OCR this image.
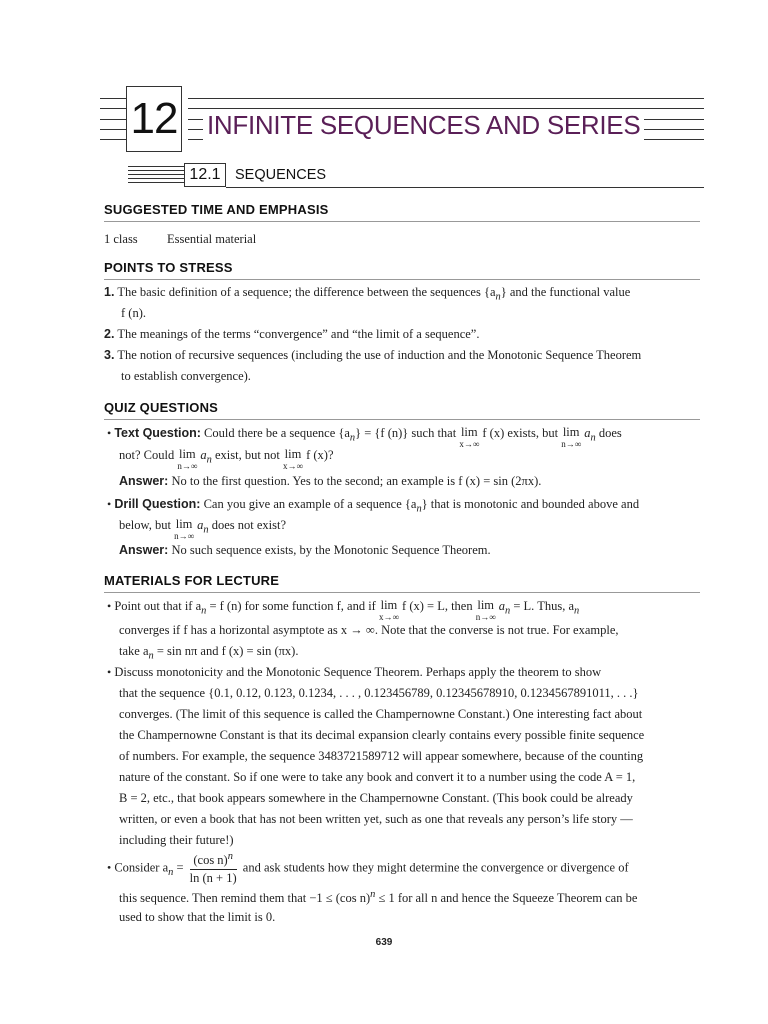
12 INFINITE SEQUENCES AND SERIES
12.1 SEQUENCES
SUGGESTED TIME AND EMPHASIS
1 class Essential material
POINTS TO STRESS
1. The basic definition of a sequence; the difference between the sequences $\{a_n\}$ and the functional value
f (n).
2. The meanings of the terms “convergence” and “the limit of a sequence”.
3. The notion of recursive sequences (including the use of induction and the Monotonic Sequence Theorem
to establish convergence).
QUIZ QUESTIONS
• Text Question: Could there be a sequence $\{a_n\} = \{f$ (n)} such that lim
x→∞
f (x) exists, but lim
n→∞
$a_n$ does
not? Could lim
n→∞
$a_n$ exist, but not lim
x→∞
f (x)?
Answer: No to the first question. Yes to the second; an example is f (x) = sin (2πx).
• Drill Question: Can you give an example of a sequence $\{a_n\}$ that is monotonic and bounded above and
below, but lim
n→∞
$a_n$ does not exist?
Answer: No such sequence exists, by the Monotonic Sequence Theorem.
MATERIALS FOR LECTURE
• Point out that if $a_n = f$ (n) for some function f, and if lim
x→∞
f (x) = L, then lim
n→∞
$a_n = L$. Thus, $a_n$
converges if f has a horizontal asymptote as x → ∞. Note that the converse is not true. For example,
take $a_n = \sin n\pi$ and f (x) = sin (πx).
• Discuss monotonicity and the Monotonic Sequence Theorem. Perhaps apply the theorem to show
that the sequence {0.1, 0.12, 0.123, 0.1234, . . . , 0.123456789, 0.12345678910, 0.1234567891011, . . .}
converges. (The limit of this sequence is called the Champernowne Constant.) One interesting fact about
the Champernowne Constant is that its decimal expansion clearly contains every possible finite sequence
of numbers. For example, the sequence 3483721589712 will appear somewhere, because of the counting
nature of the constant. So if one were to take any book and convert it to a number using the code A = 1,
B = 2, etc., that book appears somewhere in the Champernowne Constant. (This book could be already
written, or even a book that has not been written yet, such as one that reveals any person’s life story —
including their future!)
• Consider $a_n = \frac{(\cos n)^n}{\ln (n + 1)}$ and ask students how they might determine the convergence or divergence of
this sequence. Then remind them that −1 ≤ (cos n)$^n$ ≤ 1 for all n and hence the Squeeze Theorem can be
used to show that the limit is 0.
639
